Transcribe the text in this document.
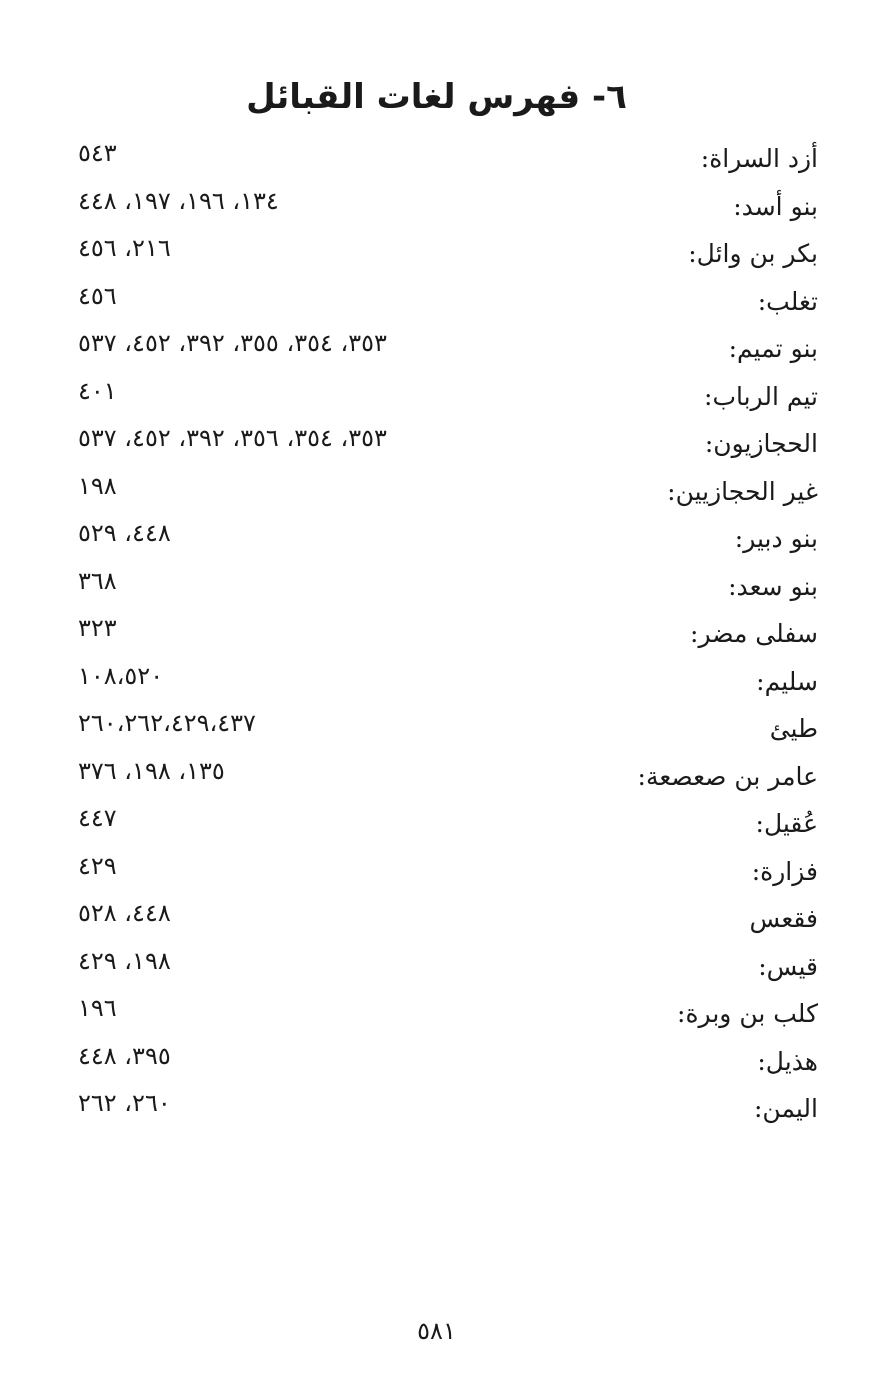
٦- فهرس لغات القبائل
أزد السراة:
٥٤٣
بنو أسد:
١٣٤، ١٩٦، ١٩٧، ٤٤٨
بكر بن وائل:
٢١٦، ٤٥٦
تغلب:
٤٥٦
بنو تميم:
٣٥٣، ٣٥٤، ٣٥٥، ٣٩٢، ٤٥٢، ٥٣٧
تيم الرباب:
٤٠١
الحجازيون:
٣٥٣، ٣٥٤، ٣٥٦، ٣٩٢، ٤٥٢، ٥٣٧
غير الحجازيين:
١٩٨
بنو دبير:
٤٤٨، ٥٢٩
بنو سعد:
٣٦٨
سفلى مضر:
٣٢٣
سليم:
١٠٨،٥٢٠
طيئ
٢٦٠،٢٦٢،٤٢٩،٤٣٧
عامر بن صعصعة:
١٣٥، ١٩٨، ٣٧٦
عُقيل:
٤٤٧
فزارة:
٤٢٩
فقعس
٤٤٨، ٥٢٨
قيس:
١٩٨، ٤٢٩
كلب بن وبرة:
١٩٦
هذيل:
٣٩٥، ٤٤٨
اليمن:
٢٦٠، ٢٦٢
٥٨١
